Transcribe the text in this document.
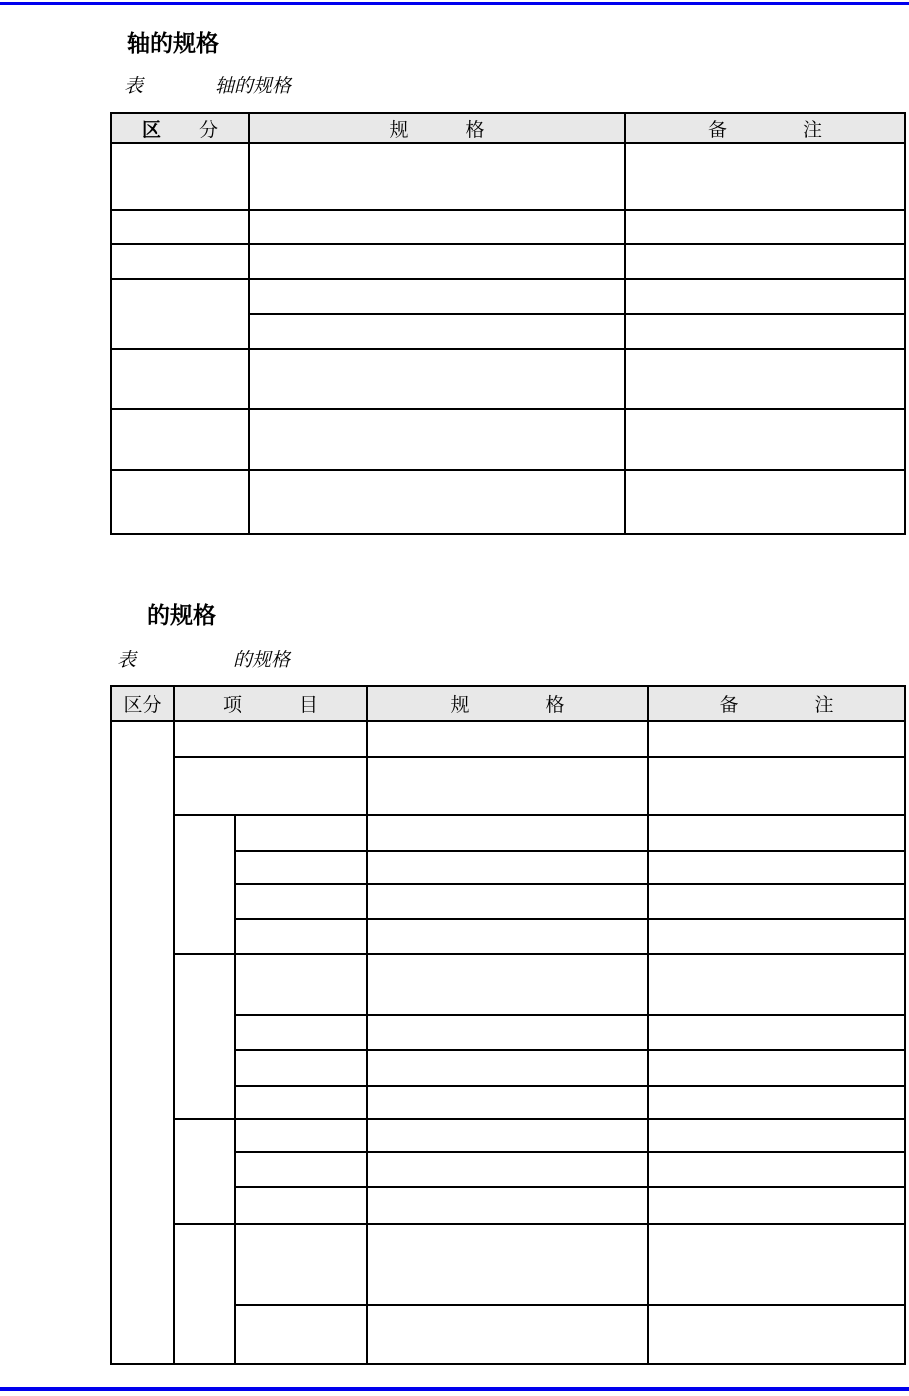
轴的规格
表	轴的规格
区　　分	规　　　格	备　　　　注

的规格
表	的规格
区分	项　　　目		规　　　　格	备　　　　注
